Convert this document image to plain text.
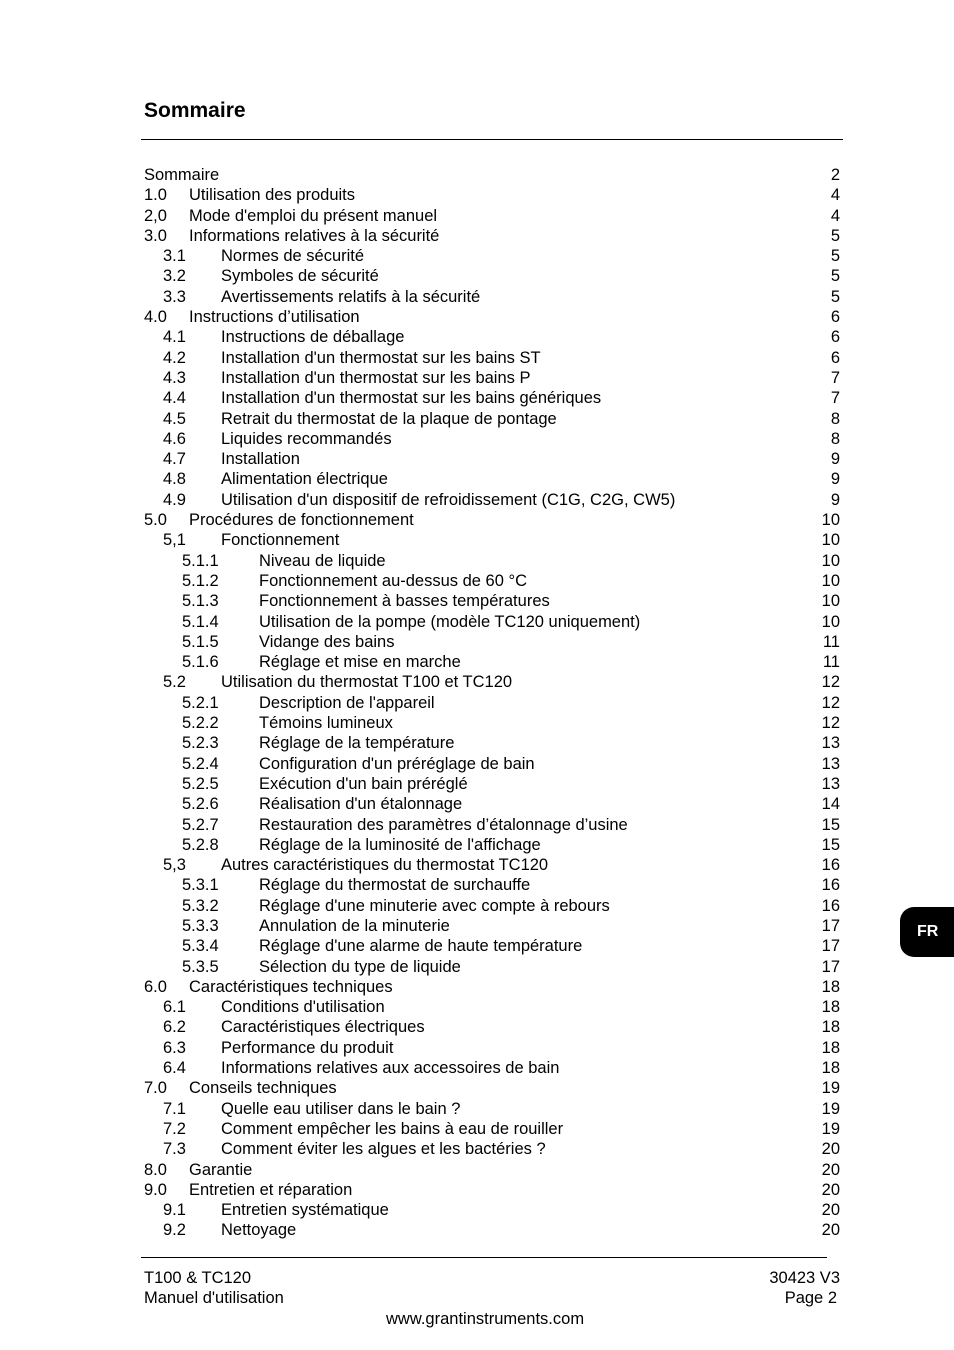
Sommaire
Sommaire	2
1.0 Utilisation des produits	4
2,0 Mode d'emploi du présent manuel	4
3.0 Informations relatives à la sécurité	5
3.1 Normes de sécurité	5
3.2 Symboles de sécurité	5
3.3 Avertissements relatifs à la sécurité	5
4.0 Instructions d’utilisation	6
4.1 Instructions de déballage	6
4.2 Installation d'un thermostat sur les bains ST	6
4.3 Installation d'un thermostat sur les bains P	7
4.4 Installation d'un thermostat sur les bains génériques	7
4.5 Retrait du thermostat de la plaque de pontage	8
4.6 Liquides recommandés	8
4.7 Installation	9
4.8 Alimentation électrique	9
4.9 Utilisation d'un dispositif de refroidissement (C1G, C2G, CW5)	9
5.0 Procédures de fonctionnement	10
5,1 Fonctionnement	10
5.1.1 Niveau de liquide	10
5.1.2 Fonctionnement au-dessus de 60 °C	10
5.1.3 Fonctionnement à basses températures	10
5.1.4 Utilisation de la pompe (modèle TC120 uniquement)	10
5.1.5 Vidange des bains	11
5.1.6 Réglage et mise en marche	11
5.2 Utilisation du thermostat T100 et TC120	12
5.2.1 Description de l'appareil	12
5.2.2 Témoins lumineux	12
5.2.3 Réglage de la température	13
5.2.4 Configuration d'un préréglage de bain	13
5.2.5 Exécution d'un bain préréglé	13
5.2.6 Réalisation d'un étalonnage	14
5.2.7 Restauration des paramètres d’étalonnage d’usine	15
5.2.8 Réglage de la luminosité de l'affichage	15
5,3 Autres caractéristiques du thermostat TC120	16
5.3.1 Réglage du thermostat de surchauffe	16
5.3.2 Réglage d'une minuterie avec compte à rebours	16
5.3.3 Annulation de la minuterie	17
5.3.4 Réglage d'une alarme de haute température	17
5.3.5 Sélection du type de liquide	17
6.0 Caractéristiques techniques	18
6.1 Conditions d'utilisation	18
6.2 Caractéristiques électriques	18
6.3 Performance du produit	18
6.4 Informations relatives aux accessoires de bain	18
7.0 Conseils techniques	19
7.1 Quelle eau utiliser dans le bain ?	19
7.2 Comment empêcher les bains à eau de rouiller	19
7.3 Comment éviter les algues et les bactéries ?	20
8.0 Garantie	20
9.0 Entretien et réparation	20
9.1 Entretien systématique	20
9.2 Nettoyage	20
FR
T100 & TC120
Manuel d'utilisation
30423 V3
Page 2
www.grantinstruments.com
